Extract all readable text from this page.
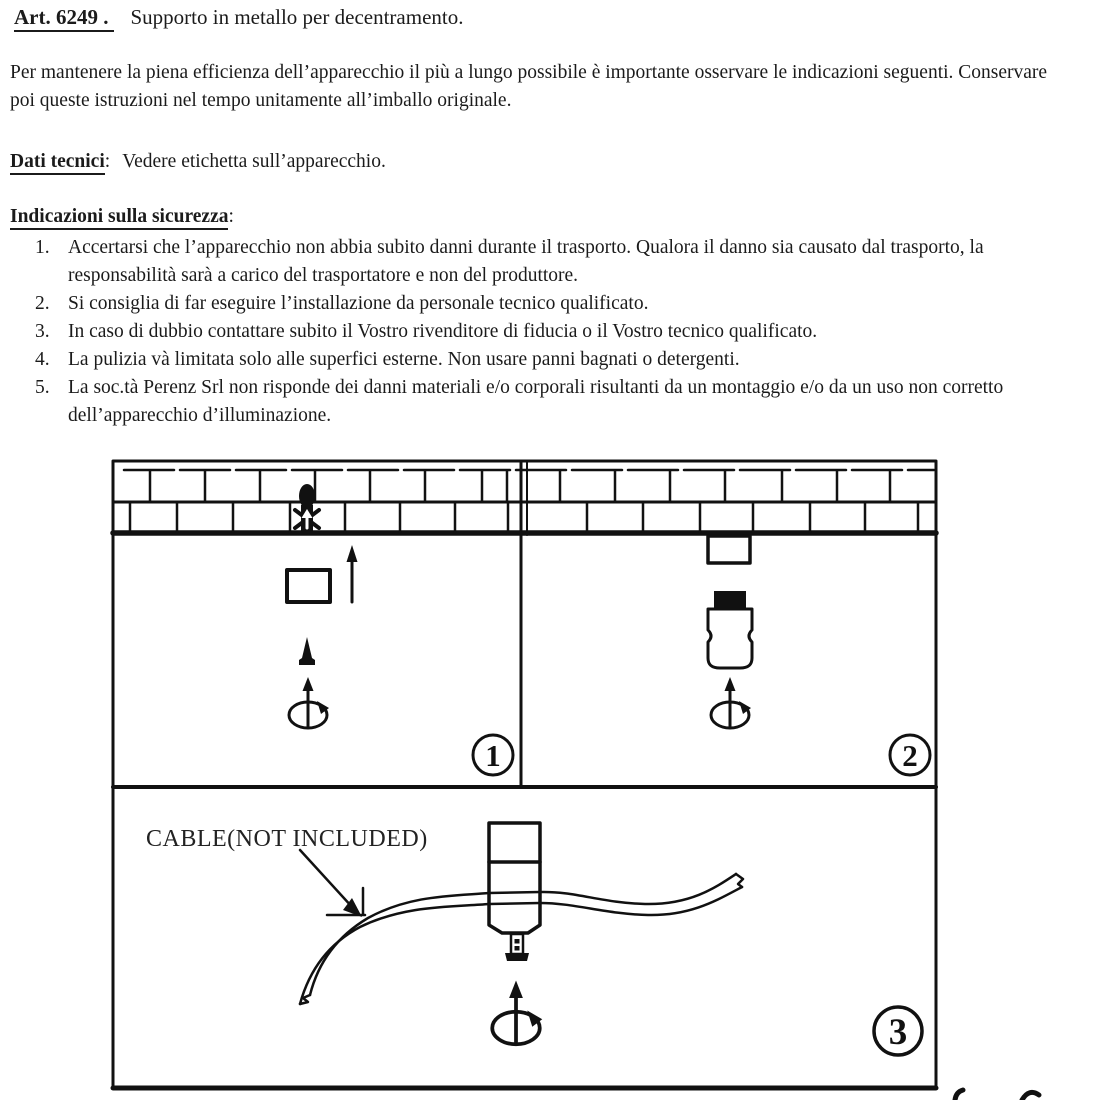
Art. 6249 . Supporto in metallo per decentramento.
Per mantenere la piena efficienza dell’apparecchio il più a lungo possibile è importante osservare le indicazioni seguenti. Conservare poi queste istruzioni nel tempo unitamente all’imballo originale.
Dati tecnici: Vedere etichetta sull’apparecchio.
Indicazioni sulla sicurezza:
1. Accertarsi che l’apparecchio non abbia subito danni durante il trasporto. Qualora il danno sia causato dal trasporto, la responsabilità sarà a carico del trasportatore e non del produttore.
2. Si consiglia di far eseguire l’installazione da personale tecnico qualificato.
3. In caso di dubbio contattare subito il Vostro rivenditore di fiducia o il Vostro tecnico qualificato.
4. La pulizia và limitata solo alle superfici esterne. Non usare panni bagnati o detergenti.
5. La soc.tà Perenz Srl non risponde dei danni materiali e/o corporali risultanti da un montaggio e/o da un uso non corretto dell’apparecchio d’illuminazione.
1	2
CABLE(NOT INCLUDED)
3
